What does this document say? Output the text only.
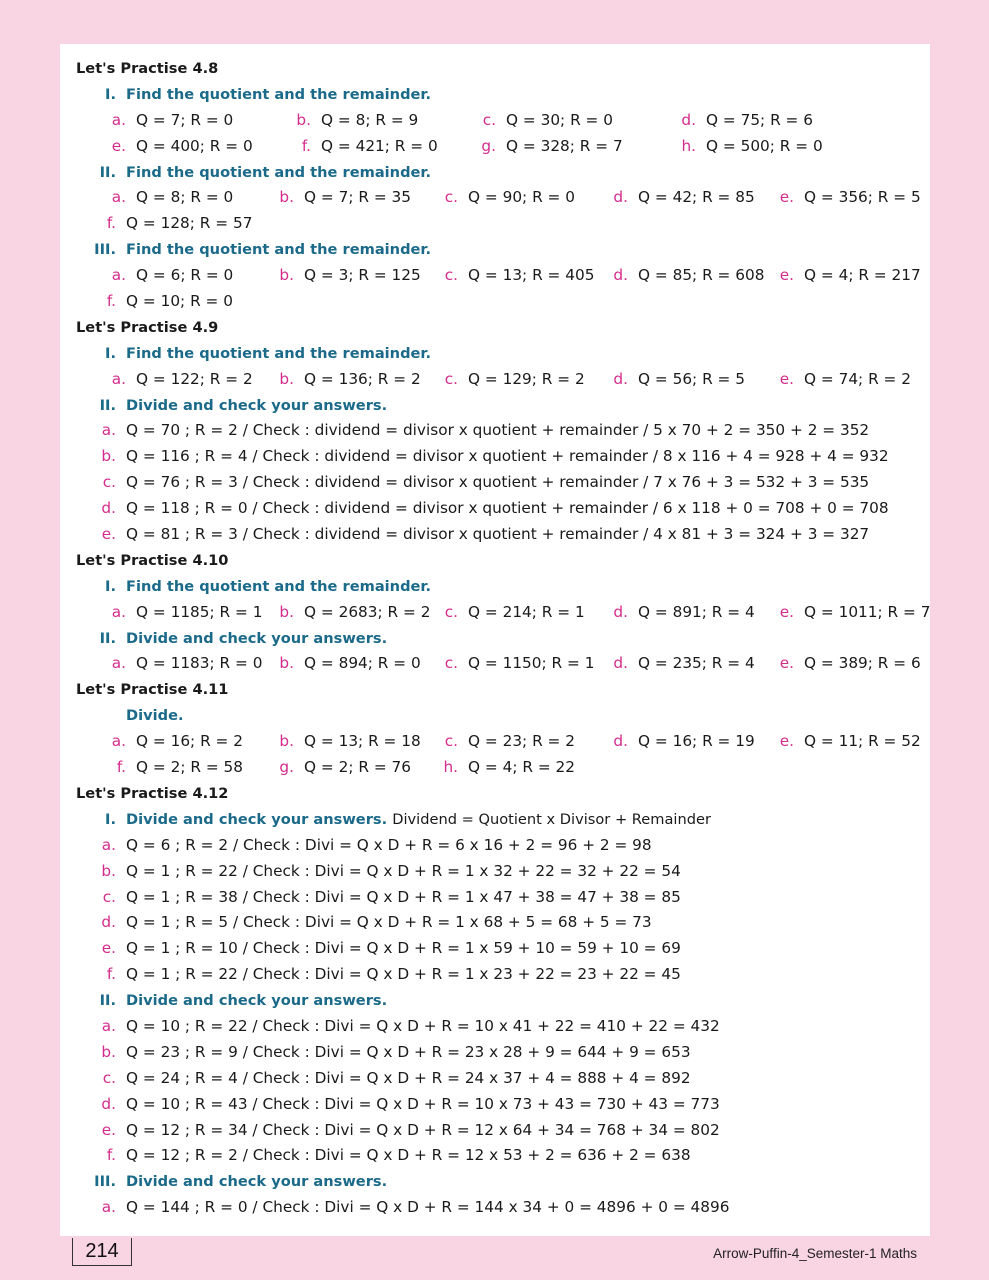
Let's Practise 4.8
I. Find the quotient and the remainder.
a. Q = 7; R = 0	b. Q = 8; R = 9	c. Q = 30; R = 0	d. Q = 75; R = 6
e. Q = 400; R = 0	f. Q = 421; R = 0	g. Q = 328; R = 7	h. Q = 500; R = 0
II. Find the quotient and the remainder.
a. Q = 8; R = 0	b. Q = 7; R = 35	c. Q = 90; R = 0	d. Q = 42; R = 85	e. Q = 356; R = 5
f. Q = 128; R = 57
III. Find the quotient and the remainder.
a. Q = 6; R = 0	b. Q = 3; R = 125	c. Q = 13; R = 405	d. Q = 85; R = 608 e. Q = 4; R = 217
f. Q = 10; R = 0
Let's Practise 4.9
I. Find the quotient and the remainder.
a. Q = 122; R = 2	b. Q = 136; R = 2	c. Q = 129; R = 2	d. Q = 56; R = 5	e. Q = 74; R = 2
II. Divide and check your answers.
a. Q = 70 ; R = 2 / Check : dividend = divisor x quotient + remainder / 5 x 70 + 2 = 350 + 2 = 352
b. Q = 116 ; R = 4 / Check : dividend = divisor x quotient + remainder / 8 x 116 + 4 = 928 + 4 = 932
c. Q = 76 ; R = 3 / Check : dividend = divisor x quotient + remainder / 7 x 76 + 3 = 532 + 3 = 535
d. Q = 118 ; R = 0 / Check : dividend = divisor x quotient + remainder / 6 x 118 + 0 = 708 + 0 = 708
e. Q = 81 ; R = 3 / Check : dividend = divisor x quotient + remainder / 4 x 81 + 3 = 324 + 3 = 327
Let's Practise 4.10
I. Find the quotient and the remainder.
a. Q = 1185; R = 1	b. Q = 2683; R = 2 c. Q = 214; R = 1	d. Q = 891; R = 4	e. Q = 1011; R = 7
II. Divide and check your answers.
a. Q = 1183; R = 0	b. Q = 894; R = 0	c. Q = 1150; R = 1	d. Q = 235; R = 4	e. Q = 389; R = 6
Let's Practise 4.11
Divide.
a. Q = 16; R = 2	b. Q = 13; R = 18	c. Q = 23; R = 2	d. Q = 16; R = 19	e. Q = 11; R = 52
f. Q = 2; R = 58	g. Q = 2; R = 76	h. Q = 4; R = 22
Let's Practise 4.12
I. Divide and check your answers. Dividend = Quotient x Divisor + Remainder
a. Q = 6 ; R = 2 / Check : Divi = Q x D + R = 6 x 16 + 2 = 96 + 2 = 98
b. Q = 1 ; R = 22 / Check : Divi = Q x D + R = 1 x 32 + 22 = 32 + 22 = 54
c. Q = 1 ; R = 38 / Check : Divi = Q x D + R = 1 x 47 + 38 = 47 + 38 = 85
d. Q = 1 ; R = 5 / Check : Divi = Q x D + R = 1 x 68 + 5 = 68 + 5 = 73
e. Q = 1 ; R = 10 / Check : Divi = Q x D + R = 1 x 59 + 10 = 59 + 10 = 69
f. Q = 1 ; R = 22 / Check : Divi = Q x D + R = 1 x 23 + 22 = 23 + 22 = 45
II. Divide and check your answers.
a. Q = 10 ; R = 22 / Check : Divi = Q x D + R = 10 x 41 + 22 = 410 + 22 = 432
b. Q = 23 ; R = 9 / Check : Divi = Q x D + R = 23 x 28 + 9 = 644 + 9 = 653
c. Q = 24 ; R = 4 / Check : Divi = Q x D + R = 24 x 37 + 4 = 888 + 4 = 892
d. Q = 10 ; R = 43 / Check : Divi = Q x D + R = 10 x 73 + 43 = 730 + 43 = 773
e. Q = 12 ; R = 34 / Check : Divi = Q x D + R = 12 x 64 + 34 = 768 + 34 = 802
f. Q = 12 ; R = 2 / Check : Divi = Q x D + R = 12 x 53 + 2 = 636 + 2 = 638
III. Divide and check your answers.
a. Q = 144 ; R = 0 / Check : Divi = Q x D + R = 144 x 34 + 0 = 4896 + 0 = 4896
214	Arrow-Puffin-4_Semester-1 Maths
